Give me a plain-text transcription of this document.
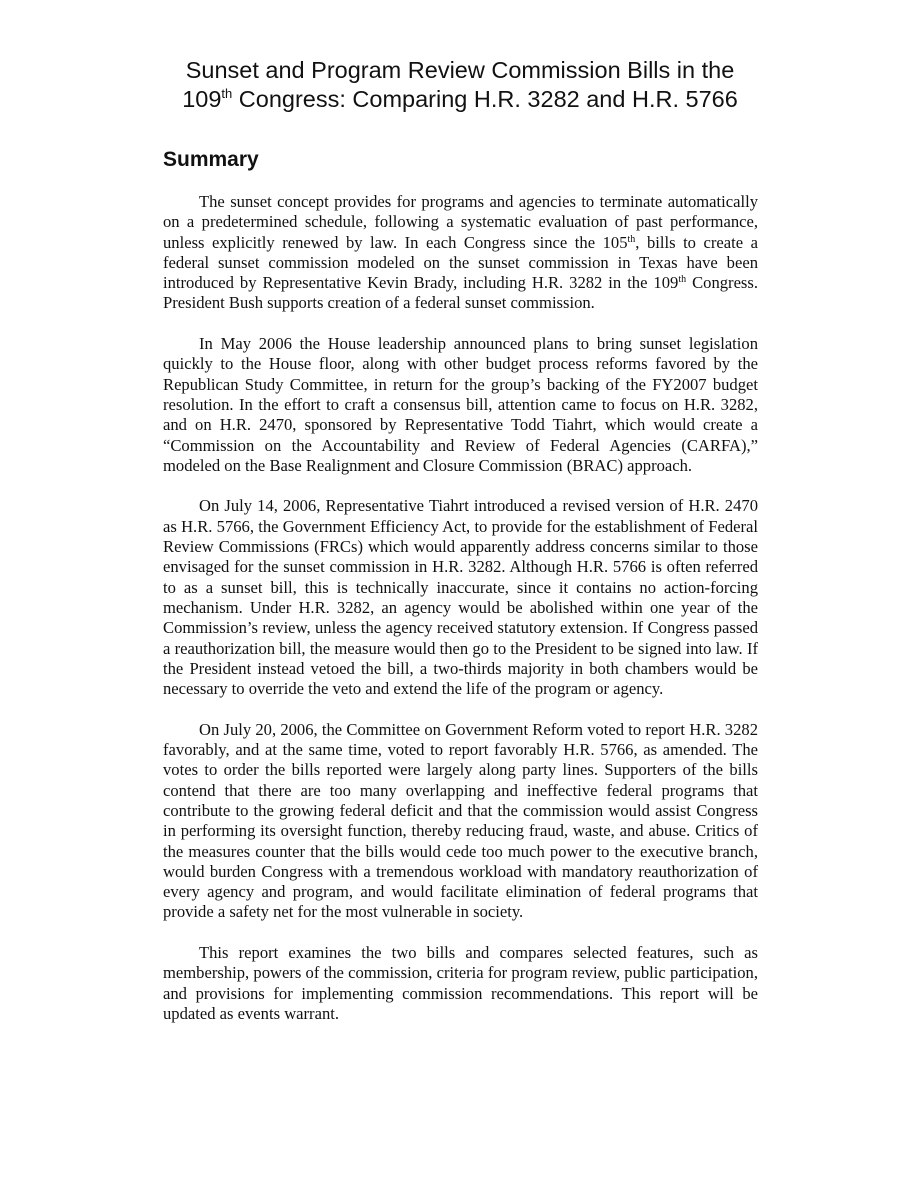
Sunset and Program Review Commission Bills in the
109th Congress: Comparing H.R. 3282 and H.R. 5766
Summary

The sunset concept provides for programs and agencies to terminate automatically on a predetermined schedule, following a systematic evaluation of past performance, unless explicitly renewed by law. In each Congress since the 105th, bills to create a federal sunset commission modeled on the sunset commission in Texas have been introduced by Representative Kevin Brady, including H.R. 3282 in the 109th Congress. President Bush supports creation of a federal sunset commission.

In May 2006 the House leadership announced plans to bring sunset legislation quickly to the House floor, along with other budget process reforms favored by the Republican Study Committee, in return for the group’s backing of the FY2007 budget resolution. In the effort to craft a consensus bill, attention came to focus on H.R. 3282, and on H.R. 2470, sponsored by Representative Todd Tiahrt, which would create a “Commission on the Accountability and Review of Federal Agencies (CARFA),” modeled on the Base Realignment and Closure Commission (BRAC) approach.

On July 14, 2006, Representative Tiahrt introduced a revised version of H.R. 2470 as H.R. 5766, the Government Efficiency Act, to provide for the establishment of Federal Review Commissions (FRCs) which would apparently address concerns similar to those envisaged for the sunset commission in H.R. 3282. Although H.R. 5766 is often referred to as a sunset bill, this is technically inaccurate, since it contains no action-forcing mechanism. Under H.R. 3282, an agency would be abolished within one year of the Commission’s review, unless the agency received statutory extension. If Congress passed a reauthorization bill, the measure would then go to the President to be signed into law. If the President instead vetoed the bill, a two-thirds majority in both chambers would be necessary to override the veto and extend the life of the program or agency.

On July 20, 2006, the Committee on Government Reform voted to report H.R. 3282 favorably, and at the same time, voted to report favorably H.R. 5766, as amended. The votes to order the bills reported were largely along party lines. Supporters of the bills contend that there are too many overlapping and ineffective federal programs that contribute to the growing federal deficit and that the commission would assist Congress in performing its oversight function, thereby reducing fraud, waste, and abuse. Critics of the measures counter that the bills would cede too much power to the executive branch, would burden Congress with a tremendous workload with mandatory reauthorization of every agency and program, and would facilitate elimination of federal programs that provide a safety net for the most vulnerable in society.

This report examines the two bills and compares selected features, such as membership, powers of the commission, criteria for program review, public participation, and provisions for implementing commission recommendations. This report will be updated as events warrant.
